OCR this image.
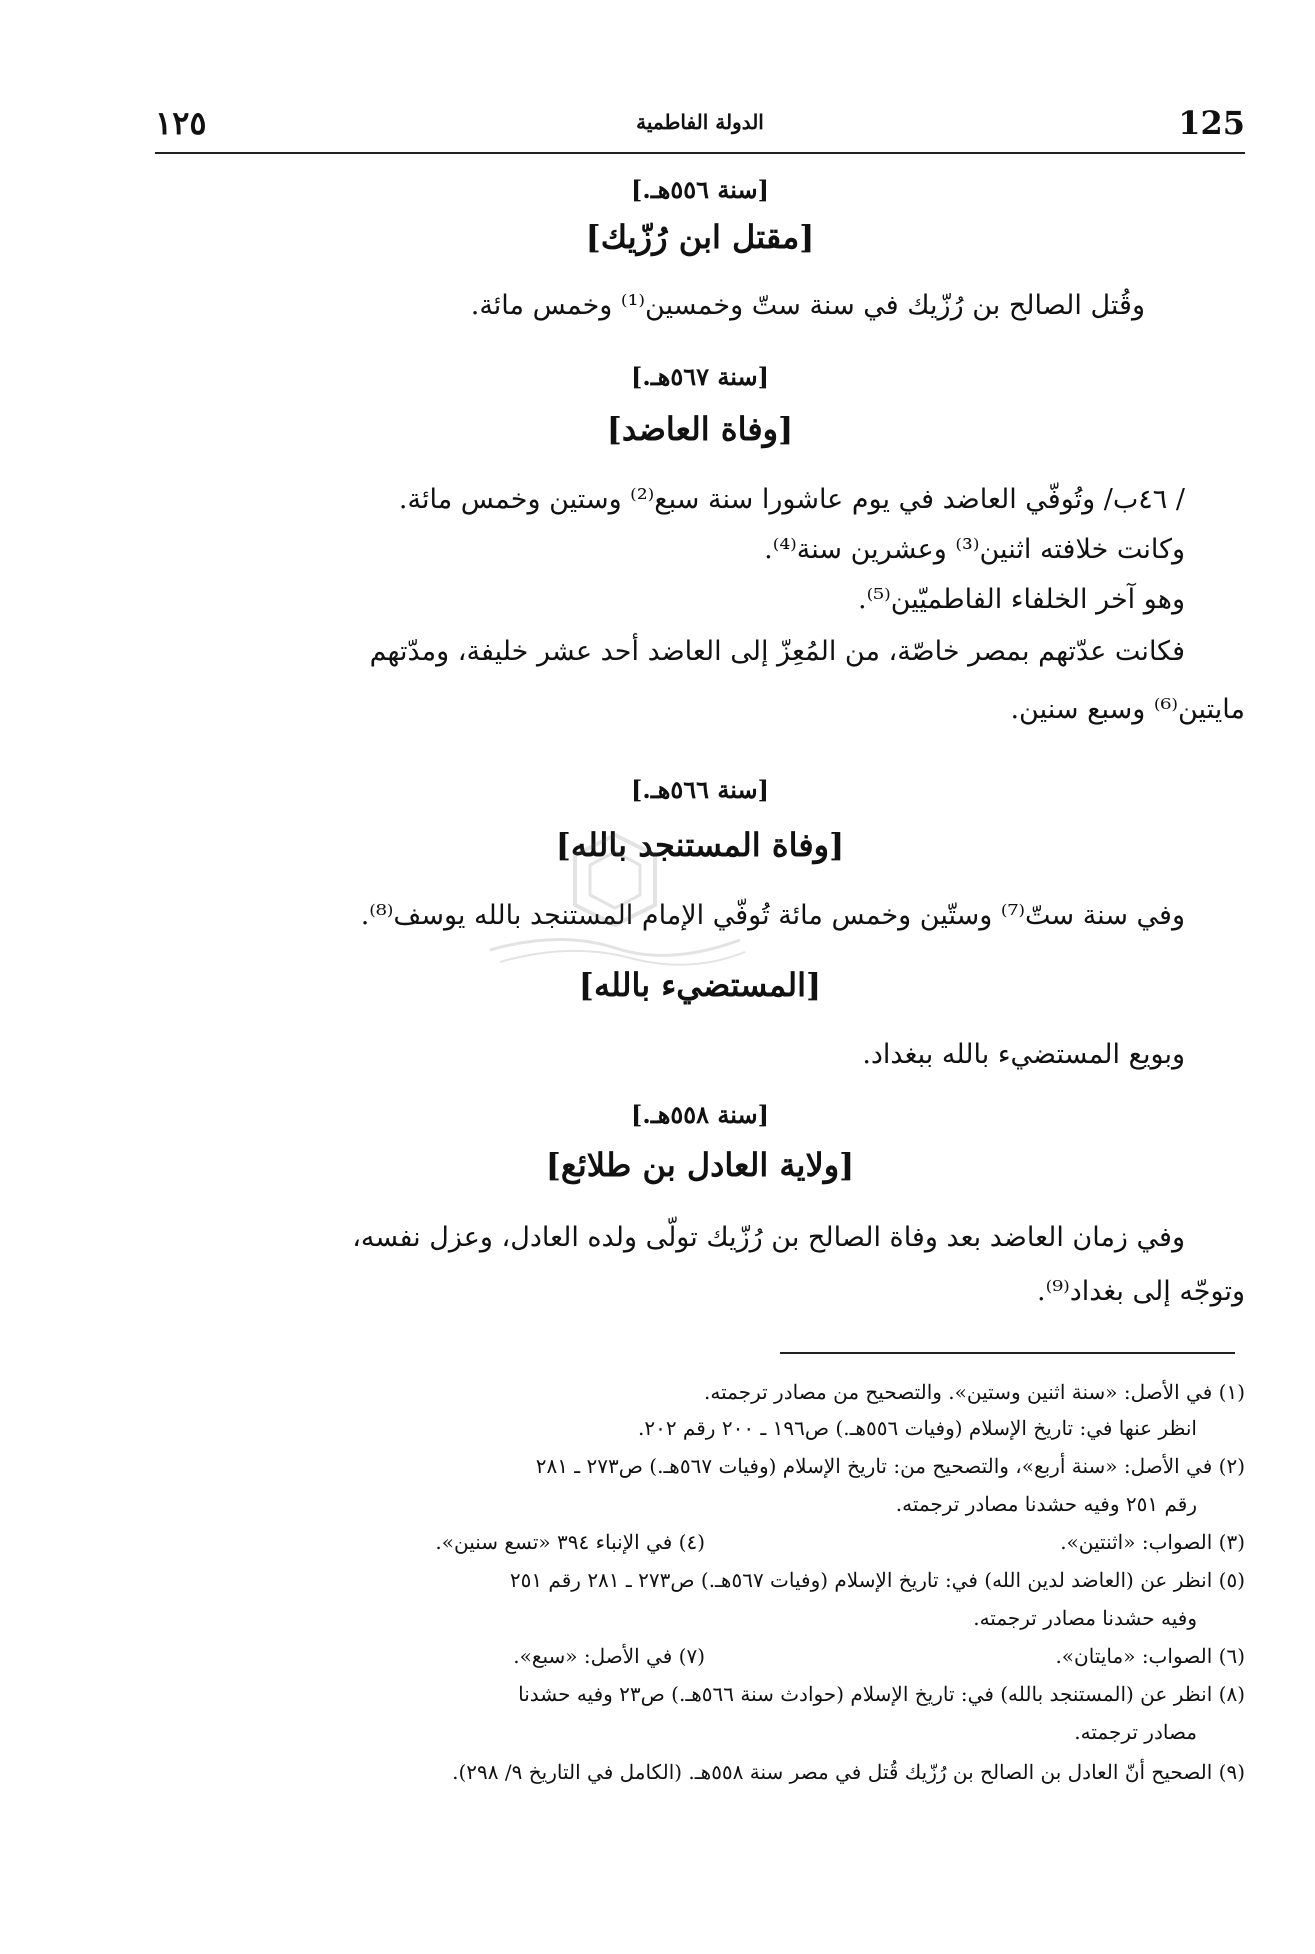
١٢٥	الدولة الفاطمية	125
[سنة ٥٥٦هـ.]
[مقتل ابن رُزّيك]
وقُتل الصالح بن رُزّيك في سنة ستّ وخمسين⁽¹⁾ وخمس مائة.
[سنة ٥٦٧هـ.]
[وفاة العاضد]
/ ٤٦ب/ وتُوفّي العاضد في يوم عاشورا سنة سبع⁽²⁾ وستين وخمس مائة.
وكانت خلافته اثنين⁽³⁾ وعشرين سنة⁽⁴⁾.
وهو آخر الخلفاء الفاطميّين⁽⁵⁾.
فكانت عدّتهم بمصر خاصّة، من المُعِزّ إلى العاضد أحد عشر خليفة، ومدّتهم
مايتين⁽⁶⁾ وسبع سنين.
[سنة ٥٦٦هـ.]
[وفاة المستنجد بالله]
وفي سنة ستّ⁽⁷⁾ وستّين وخمس مائة تُوفّي الإمام المستنجد بالله يوسف⁽⁸⁾.
[المستضيء بالله]
وبويع المستضيء بالله ببغداد.
[سنة ٥٥٨هـ.]
[ولاية العادل بن طلائع]
وفي زمان العاضد بعد وفاة الصالح بن رُزّيك تولّى ولده العادل، وعزل نفسه،
وتوجّه إلى بغداد⁽⁹⁾.
(١) في الأصل: «سنة اثنين وستين». والتصحيح من مصادر ترجمته.
انظر عنها في: تاريخ الإسلام (وفيات ٥٥٦هـ.) ص١٩٦ ـ ٢٠٠ رقم ٢٠٢.
(٢) في الأصل: «سنة أربع»، والتصحيح من: تاريخ الإسلام (وفيات ٥٦٧هـ.) ص٢٧٣ ـ ٢٨١
رقم ٢٥١ وفيه حشدنا مصادر ترجمته.
(٣) الصواب: «اثنتين».
(٤) في الإنباء ٣٩٤ «تسع سنين».
(٥) انظر عن (العاضد لدين الله) في: تاريخ الإسلام (وفيات ٥٦٧هـ.) ص٢٧٣ ـ ٢٨١ رقم ٢٥١
وفيه حشدنا مصادر ترجمته.
(٦) الصواب: «مايتان».
(٧) في الأصل: «سبع».
(٨) انظر عن (المستنجد بالله) في: تاريخ الإسلام (حوادث سنة ٥٦٦هـ.) ص٢٣ وفيه حشدنا
مصادر ترجمته.
(٩) الصحيح أنّ العادل بن الصالح بن رُزّيك قُتل في مصر سنة ٥٥٨هـ. (الكامل في التاريخ ٩/ ٢٩٨).
